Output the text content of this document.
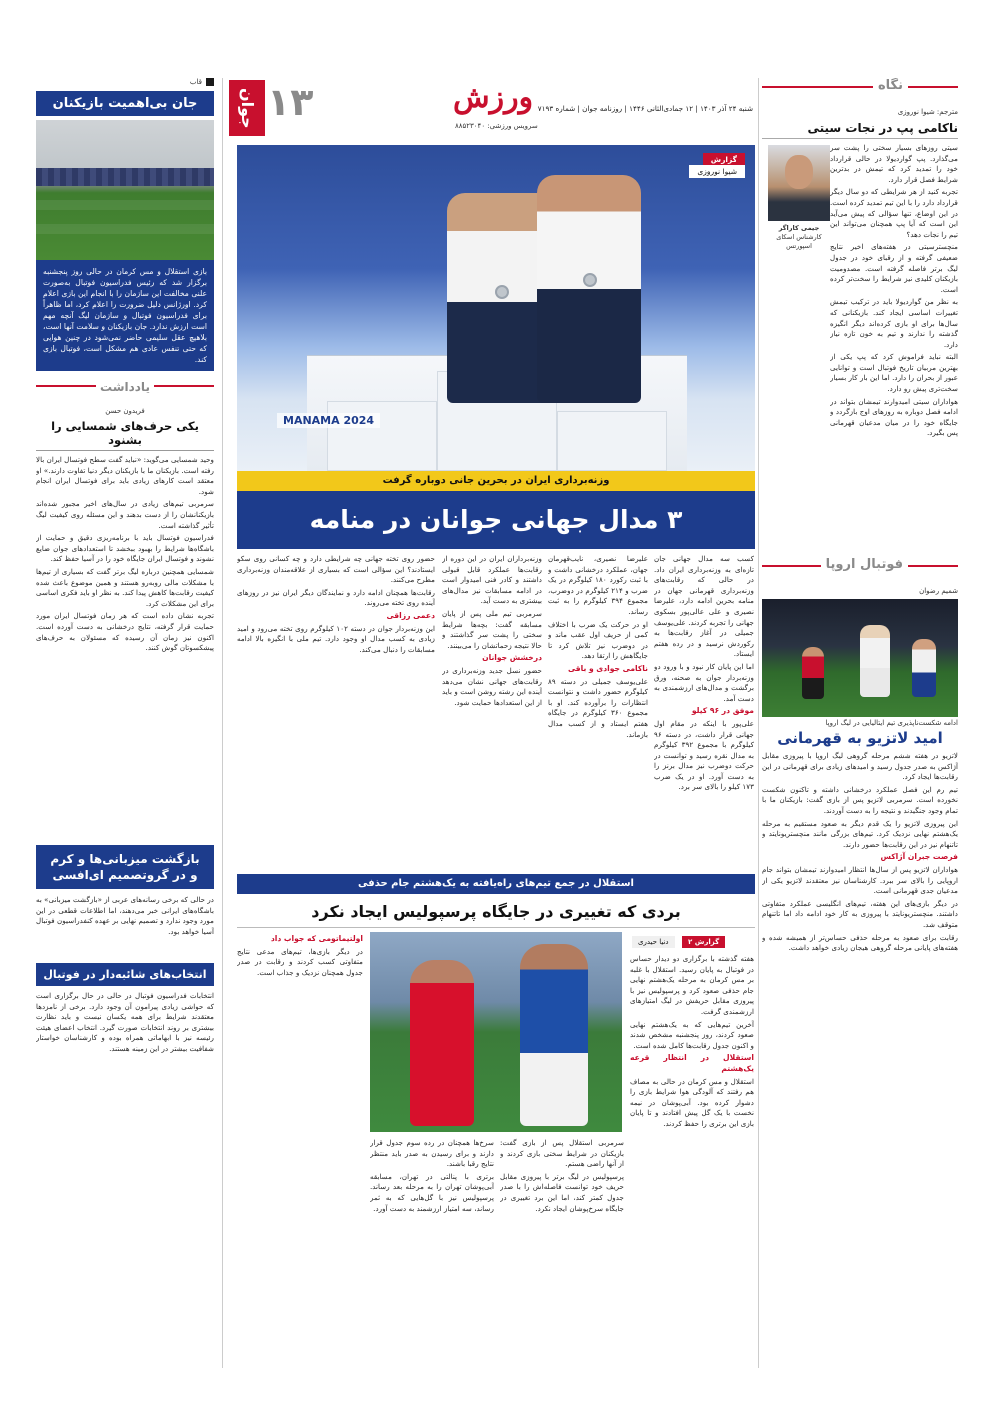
جوان ۱۳	ورزش
سرویس ورزشی: ۸۸۵۲۳۰۴۰
شنبه ۲۴ آذر ۱۴۰۳ | ۱۲ جمادی‌الثانی ۱۴۴۶ | روزنامه جوان | شماره ۷۱۹۳
قاب
جان بی‌اهمیت بازیکنان
بازی استقلال و مس کرمان در حالی روز پنجشنبه برگزار شد که رئیس فدراسیون فوتبال به‌صورت علنی مخالفت این سازمان را با انجام این بازی اعلام کرد. اورژانس دلیل ضرورت را اعلام کرد، اما ظاهراً برای فدراسیون فوتبال و سازمان لیگ آنچه مهم است ارزش ندارد. جان بازیکنان و سلامت آنها است، بلاهیچ عقل سلیمی حاضر نمی‌شود در چنین هوایی که حتی تنفس عادی هم مشکل است، فوتبال بازی کند.
یادداشت
فریدون حسن
یکی حرف‌های شمسایی را بشنود

وحید شمسایی می‌گوید: «نباید گفت سطح فوتسال ایران بالا رفته است. بازیکنان ما با بازیکنان دیگر دنیا تفاوت دارند.» او معتقد است کارهای زیادی باید برای فوتسال ایران انجام شود.

سرمربی تیم‌های زیادی در سال‌های اخیر مجبور شده‌اند بازیکنانشان را از دست بدهند و این مسئله روی کیفیت لیگ تأثیر گذاشته است.

فدراسیون فوتسال باید با برنامه‌ریزی دقیق و حمایت از باشگاه‌ها شرایط را بهبود ببخشد تا استعدادهای جوان ضایع نشوند و فوتسال ایران جایگاه خود را در آسیا حفظ کند.

شمسایی همچنین درباره لیگ برتر گفت که بسیاری از تیم‌ها با مشکلات مالی روبه‌رو هستند و همین موضوع باعث شده کیفیت رقابت‌ها کاهش پیدا کند. به نظر او باید فکری اساسی برای این مشکلات کرد.

تجربه نشان داده است که هر زمان فوتسال ایران مورد حمایت قرار گرفته، نتایج درخشانی به دست آورده است. اکنون نیز زمان آن رسیده که مسئولان به حرف‌های پیشکسوتان گوش کنند.

بازگشت میزبانی‌ها و کرم
و در گروتصمیم ای‌افسی

در حالی که برخی رسانه‌های عربی از «بازگشت میزبانی» به باشگاه‌های ایرانی خبر می‌دهند، اما اطلاعات قطعی در این مورد وجود ندارد و تصمیم نهایی بر عهده کنفدراسیون فوتبال آسیا خواهد بود.

انتخاب‌های شائبه‌دار در فوتبال

انتخابات فدراسیون فوتبال در حالی در حال برگزاری است که حواشی زیادی پیرامون آن وجود دارد. برخی از نامزدها معتقدند شرایط برای همه یکسان نیست و باید نظارت بیشتری بر روند انتخابات صورت گیرد. انتخاب اعضای هیئت رئیسه نیز با ابهاماتی همراه بوده و کارشناسان خواستار شفافیت بیشتر در این زمینه هستند.

MANAMA 2024
گزارش
شیوا نوروزی
وزنه‌برداری ایران در بحرین جانی دوباره گرفت
۳ مدال جهانی جوانان در منامه

کسب سه مدال جهانی جان تازه‌ای به وزنه‌برداری ایران داد. در حالی که رقابت‌های وزنه‌برداری قهرمانی جهان در منامه بحرین ادامه دارد، علیرضا نصیری و علی عالی‌پور بسکوی جهانی را تجربه کردند. علی‌یوسف جمیلی در آغاز رقابت‌ها به رکوردش نرسید و در رده هفتم ایستاد.

اما این پایان کار نبود و با ورود دو وزنه‌بردار جوان به صحنه، ورق برگشت و مدال‌های ارزشمندی به دست آمد.

موفق در ۹۶ کیلو

علی‌پور با اینکه در مقام اول جهانی قرار داشت، در دسته ۹۶ کیلوگرم با مجموع ۳۹۲ کیلوگرم به مدال نقره رسید و توانست در حرکت دوضرب نیز مدال برنز را به دست آورد. او در یک ضرب ۱۷۳ کیلو را بالای سر برد.

علیرضا نصیری، نایب‌قهرمان جهان، عملکرد درخشانی داشت و با ثبت رکورد ۱۸۰ کیلوگرم در یک ضرب و ۲۱۴ کیلوگرم در دوضرب، مجموع ۳۹۴ کیلوگرم را به ثبت رساند.

او در حرکت یک ضرب با اختلاف کمی از حریف اول عقب ماند و در دوضرب نیز تلاش کرد تا جایگاهش را ارتقا دهد.

ناکامی جوادی و باقی

علی‌یوسف جمیلی در دسته ۸۹ کیلوگرم حضور داشت و نتوانست انتظارات را برآورده کند. او با مجموع ۳۶۰ کیلوگرم در جایگاه هفتم ایستاد و از کسب مدال بازماند.

وزنه‌برداران ایران در این دوره از رقابت‌ها عملکرد قابل قبولی داشتند و کادر فنی امیدوار است در ادامه مسابقات نیز مدال‌های بیشتری به دست آید.

سرمربی تیم ملی پس از پایان مسابقه گفت: بچه‌ها شرایط سختی را پشت سر گذاشتند و حالا نتیجه زحماتشان را می‌بینند.

درخشش جوانان

حضور نسل جدید وزنه‌برداری در رقابت‌های جهانی نشان می‌دهد آینده این رشته روشن است و باید از این استعدادها حمایت شود.

حضور روی تخته جهانی چه شرایطی دارد و چه کسانی روی سکو ایستادند؟ این سؤالی است که بسیاری از علاقه‌مندان وزنه‌برداری مطرح می‌کنند.

رقابت‌ها همچنان ادامه دارد و نمایندگان دیگر ایران نیز در روزهای آینده روی تخته می‌روند.

دعمی رزاقی

این وزنه‌بردار جوان در دسته ۱۰۲ کیلوگرم روی تخته می‌رود و امید زیادی به کسب مدال او وجود دارد. تیم ملی با انگیزه بالا ادامه مسابقات را دنبال می‌کند.

استقلال در جمع تیم‌های راه‌یافته به یک‌هشتم جام حذفی
بردی که تغییری در جایگاه پرسپولیس ایجاد نکرد
گزارش ۲
دنیا حیدری

هفته گذشته با برگزاری دو دیدار حساس در فوتبال به پایان رسید. استقلال با غلبه بر مس کرمان به مرحله یک‌هشتم نهایی جام حذفی صعود کرد و پرسپولیس نیز با پیروزی مقابل حریفش در لیگ امتیازهای ارزشمندی گرفت.

آخرین تیم‌هایی که به یک‌هشتم نهایی صعود کردند، روز پنجشنبه مشخص شدند و اکنون جدول رقابت‌ها کامل شده است.

استقلال در انتظار قرعه یک‌هشتم

استقلال و مس کرمان در حالی به مصاف هم رفتند که آلودگی هوا شرایط بازی را دشوار کرده بود. آبی‌پوشان در نیمه نخست با یک گل پیش افتادند و تا پایان بازی این برتری را حفظ کردند.

سرمربی استقلال پس از بازی گفت: بازیکنان در شرایط سختی بازی کردند و از آنها راضی هستم.

پرسپولیس در لیگ برتر با پیروزی مقابل حریف خود توانست فاصله‌اش را با صدر جدول کمتر کند، اما این برد تغییری در جایگاه سرخ‌پوشان ایجاد نکرد.

سرخ‌ها همچنان در رده سوم جدول قرار دارند و برای رسیدن به صدر باید منتظر نتایج رقبا باشند.

برتری با پنالتی در تهران، مسابقه آبی‌پوشان تهران را به مرحله بعد رساند. پرسپولیس نیز با گل‌هایی که به ثمر رساند، سه امتیاز ارزشمند به دست آورد.

اولتیماتومی که جواب داد

در دیگر بازی‌ها، تیم‌های مدعی نتایج متفاوتی کسب کردند و رقابت در صدر جدول همچنان نزدیک و جذاب است.

نگاه
مترجم: شیوا نوروزی
ناکامی پپ در نجات سیتی
جیمی کاراگر
کارشناس اسکای اسپورتس

سیتی روزهای بسیار سختی را پشت سر می‌گذارد. پپ گواردیولا در حالی قرارداد خود را تمدید کرد که تیمش در بدترین شرایط فصل قرار دارد.

تجربه کنید از هر شرایطی که دو سال دیگر قرارداد دارد را با این تیم تمدید کرده است. در این اوضاع، تنها سؤالی که پیش می‌آید این است که آیا پپ همچنان می‌تواند این تیم را نجات دهد؟

منچسترسیتی در هفته‌های اخیر نتایج ضعیفی گرفته و از رقبای خود در جدول لیگ برتر فاصله گرفته است. مصدومیت بازیکنان کلیدی نیز شرایط را سخت‌تر کرده است.

به نظر من گواردیولا باید در ترکیب تیمش تغییرات اساسی ایجاد کند. بازیکنانی که سال‌ها برای او بازی کرده‌اند دیگر انگیزه گذشته را ندارند و تیم به خون تازه نیاز دارد.

البته نباید فراموش کرد که پپ یکی از بهترین مربیان تاریخ فوتبال است و توانایی عبور از بحران را دارد. اما این بار کار بسیار سخت‌تری پیش رو دارد.

هواداران سیتی امیدوارند تیمشان بتواند در ادامه فصل دوباره به روزهای اوج بازگردد و جایگاه خود را در میان مدعیان قهرمانی پس بگیرد.

فوتبال اروپا
شمیم رضوان
ادامه شکست‌ناپذیری تیم ایتالیایی در لیگ اروپا
امید لاتزیو به قهرمانی

لاتزیو در هفته ششم مرحله گروهی لیگ اروپا با پیروزی مقابل آژاکس به صدر جدول رسید و امیدهای زیادی برای قهرمانی در این رقابت‌ها ایجاد کرد.

تیم رم این فصل عملکرد درخشانی داشته و تاکنون شکست نخورده است. سرمربی لاتزیو پس از بازی گفت: بازیکنان ما با تمام وجود جنگیدند و نتیجه را به دست آوردند.

این پیروزی لاتزیو را یک قدم دیگر به صعود مستقیم به مرحله یک‌هشتم نهایی نزدیک کرد. تیم‌های بزرگی مانند منچستریونایتد و تاتنهام نیز در این رقابت‌ها حضور دارند.

فرصت جبران آژاکس

هواداران لاتزیو پس از سال‌ها انتظار امیدوارند تیمشان بتواند جام اروپایی را بالای سر ببرد. کارشناسان نیز معتقدند لاتزیو یکی از مدعیان جدی قهرمانی است.

در دیگر بازی‌های این هفته، تیم‌های انگلیسی عملکرد متفاوتی داشتند. منچستریونایتد با پیروزی به کار خود ادامه داد اما تاتنهام متوقف شد.

رقابت برای صعود به مرحله حذفی حساس‌تر از همیشه شده و هفته‌های پایانی مرحله گروهی هیجان زیادی خواهد داشت.
